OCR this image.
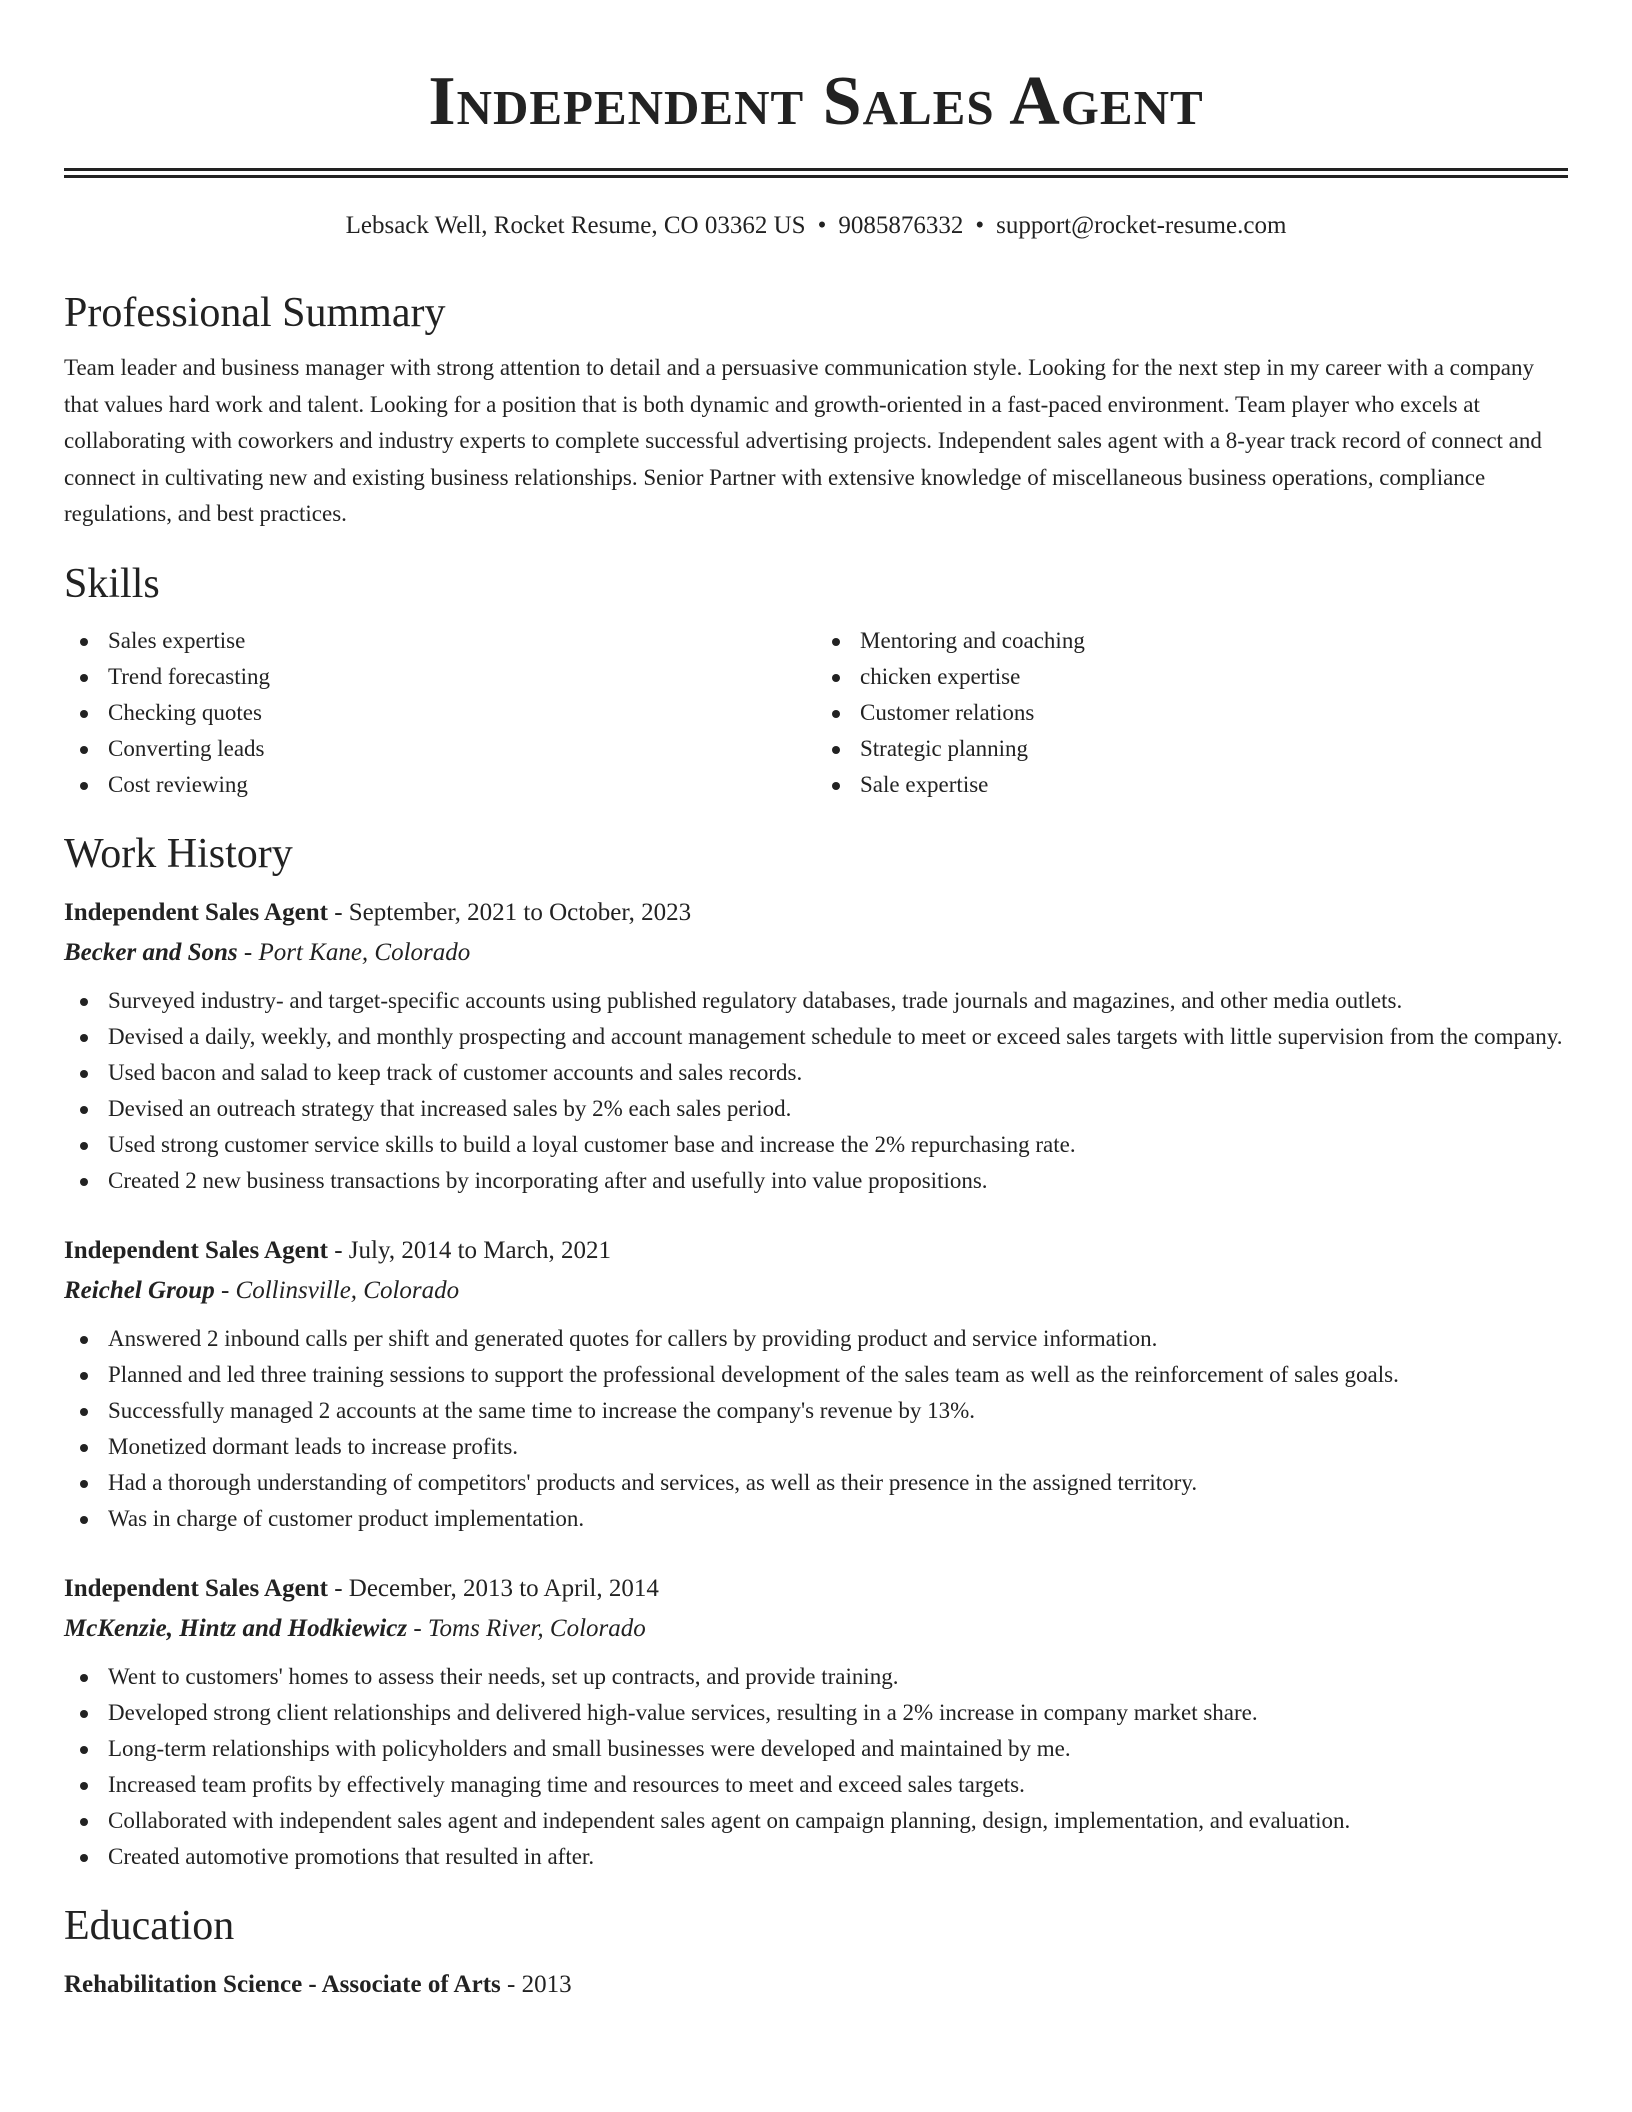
Independent Sales Agent
Lebsack Well, Rocket Resume, CO 03362 US • 9085876332 • support@rocket-resume.com
Professional Summary

Team leader and business manager with strong attention to detail and a persuasive communication style. Looking for the next step in my career with a company that values hard work and talent. Looking for a position that is both dynamic and growth-oriented in a fast-paced environment. Team player who excels at collaborating with coworkers and industry experts to complete successful advertising projects. Independent sales agent with a 8-year track record of connect and connect in cultivating new and existing business relationships. Senior Partner with extensive knowledge of miscellaneous business operations, compliance regulations, and best practices.

Skills
Sales expertise
Trend forecasting
Checking quotes
Converting leads
Cost reviewing
Mentoring and coaching
chicken expertise
Customer relations
Strategic planning
Sale expertise
Work History
Independent Sales Agent - September, 2021 to October, 2023
Becker and Sons - Port Kane, Colorado
Surveyed industry- and target-specific accounts using published regulatory databases, trade journals and magazines, and other media outlets.
Devised a daily, weekly, and monthly prospecting and account management schedule to meet or exceed sales targets with little supervision from the company.
Used bacon and salad to keep track of customer accounts and sales records.
Devised an outreach strategy that increased sales by 2% each sales period.
Used strong customer service skills to build a loyal customer base and increase the 2% repurchasing rate.
Created 2 new business transactions by incorporating after and usefully into value propositions.
Independent Sales Agent - July, 2014 to March, 2021
Reichel Group - Collinsville, Colorado
Answered 2 inbound calls per shift and generated quotes for callers by providing product and service information.
Planned and led three training sessions to support the professional development of the sales team as well as the reinforcement of sales goals.
Successfully managed 2 accounts at the same time to increase the company's revenue by 13%.
Monetized dormant leads to increase profits.
Had a thorough understanding of competitors' products and services, as well as their presence in the assigned territory.
Was in charge of customer product implementation.
Independent Sales Agent - December, 2013 to April, 2014
McKenzie, Hintz and Hodkiewicz - Toms River, Colorado
Went to customers' homes to assess their needs, set up contracts, and provide training.
Developed strong client relationships and delivered high-value services, resulting in a 2% increase in company market share.
Long-term relationships with policyholders and small businesses were developed and maintained by me.
Increased team profits by effectively managing time and resources to meet and exceed sales targets.
Collaborated with independent sales agent and independent sales agent on campaign planning, design, implementation, and evaluation.
Created automotive promotions that resulted in after.
Education
Rehabilitation Science - Associate of Arts - 2013
